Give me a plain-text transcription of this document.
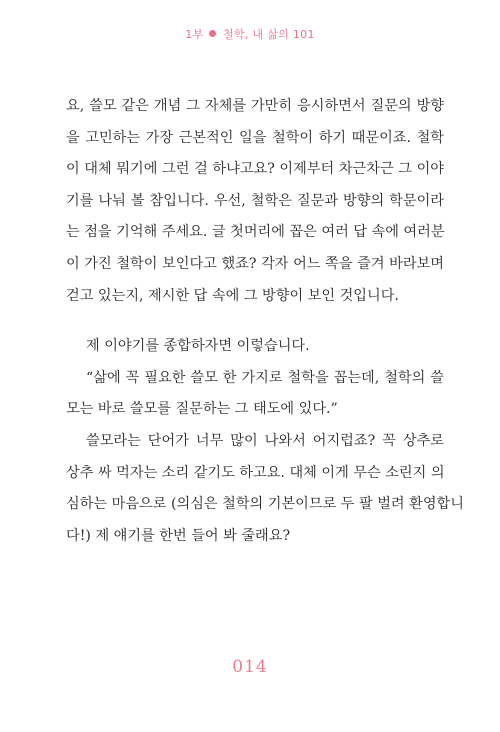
1부 철학, 내 삶의 101
요, 쓸모 같은 개념 그 자체를 가만히 응시하면서 질문의 방향
을 고민하는 가장 근본적인 일을 철학이 하기 때문이죠. 철학
이 대체 뭐기에 그런 걸 하냐고요? 이제부터 차근차근 그 이야
기를 나눠 볼 참입니다. 우선, 철학은 질문과 방향의 학문이라
는 점을 기억해 주세요. 글 첫머리에 꼽은 여러 답 속에 여러분
이 가진 철학이 보인다고 했죠? 각자 어느 쪽을 즐겨 바라보며
걷고 있는지, 제시한 답 속에 그 방향이 보인 것입니다.
제 이야기를 종합하자면 이렇습니다.
“삶에 꼭 필요한 쓸모 한 가지로 철학을 꼽는데, 철학의 쓸
모는 바로 쓸모를 질문하는 그 태도에 있다.”
쓸모라는 단어가 너무 많이 나와서 어지럽죠? 꼭 상추로
상추 싸 먹자는 소리 같기도 하고요. 대체 이게 무슨 소린지 의
심하는 마음으로 (의심은 철학의 기본이므로 두 팔 벌려 환영합니
다!) 제 얘기를 한번 들어 봐 줄래요?
014
